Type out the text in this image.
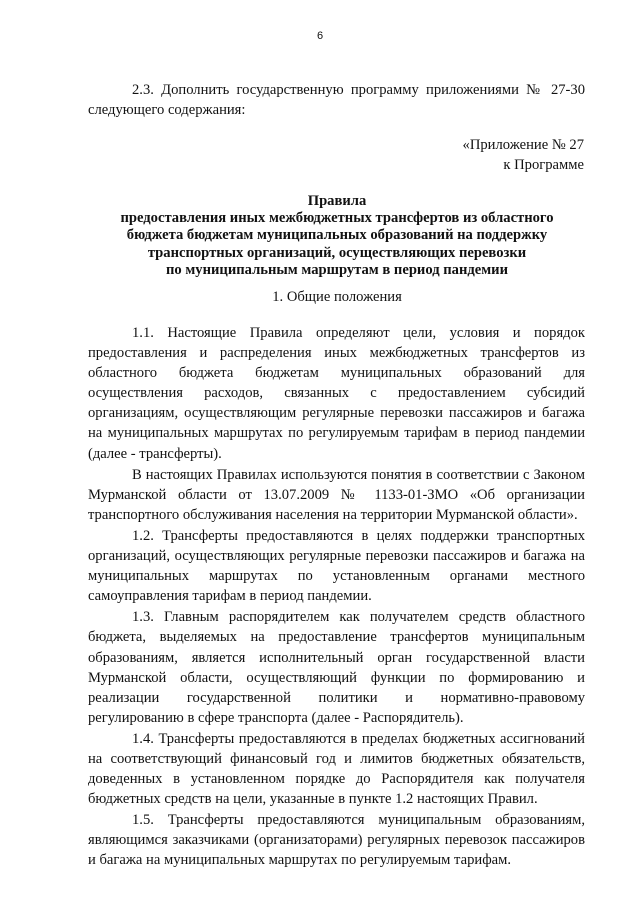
6

2.3. Дополнить государственную программу приложениями № 27-30 следующего содержания:

«Приложение № 27
к Программе
Правила
предоставления иных межбюджетных трансфертов из областного
бюджета бюджетам муниципальных образований на поддержку
транспортных организаций, осуществляющих перевозки
по муниципальным маршрутам в период пандемии
1. Общие положения

1.1. Настоящие Правила определяют цели, условия и порядок предоставления и распределения иных межбюджетных трансфертов из областного бюджета бюджетам муниципальных образований для осуществления расходов, связанных с предоставлением субсидий организациям, осуществляющим регулярные перевозки пассажиров и багажа на муниципальных маршрутах по регулируемым тарифам в период пандемии (далее - трансферты).

В настоящих Правилах используются понятия в соответствии с Законом Мурманской области от 13.07.2009 № 1133-01-ЗМО «Об организации транспортного обслуживания населения на территории Мурманской области».

1.2. Трансферты предоставляются в целях поддержки транспортных организаций, осуществляющих регулярные перевозки пассажиров и багажа на муниципальных маршрутах по установленным органами местного самоуправления тарифам в период пандемии.

1.3. Главным распорядителем как получателем средств областного бюджета, выделяемых на предоставление трансфертов муниципальным образованиям, является исполнительный орган государственной власти Мурманской области, осуществляющий функции по формированию и реализации государственной политики и нормативно-правовому регулированию в сфере транспорта (далее - Распорядитель).

1.4. Трансферты предоставляются в пределах бюджетных ассигнований на соответствующий финансовый год и лимитов бюджетных обязательств, доведенных в установленном порядке до Распорядителя как получателя бюджетных средств на цели, указанные в пункте 1.2 настоящих Правил.

1.5. Трансферты предоставляются муниципальным образованиям, являющимся заказчиками (организаторами) регулярных перевозок пассажиров и багажа на муниципальных маршрутах по регулируемым тарифам.
